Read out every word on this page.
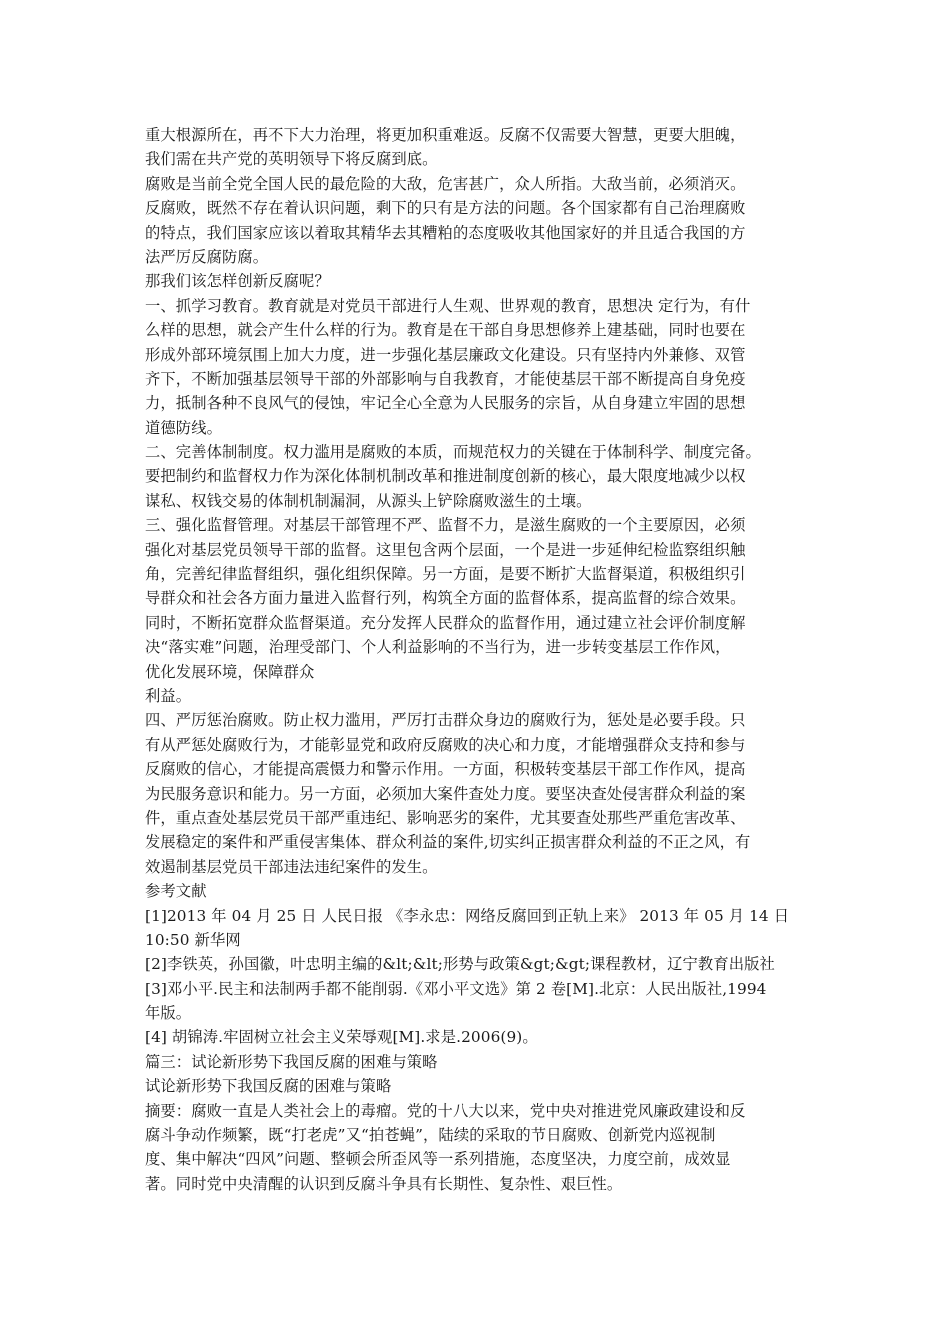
重大根源所在，再不下大力治理，将更加积重难返。反腐不仅需要大智慧，更要大胆魄，
我们需在共产党的英明领导下将反腐到底。
腐败是当前全党全国人民的最危险的大敌，危害甚广，众人所指。大敌当前，必须消灭。
反腐败，既然不存在着认识问题，剩下的只有是方法的问题。各个国家都有自己治理腐败
的特点，我们国家应该以着取其精华去其糟粕的态度吸收其他国家好的并且适合我国的方
法严厉反腐防腐。
那我们该怎样创新反腐呢？
一、抓学习教育。教育就是对党员干部进行人生观、世界观的教育，思想决 定行为，有什
么样的思想，就会产生什么样的行为。教育是在干部自身思想修养上建基础，同时也要在
形成外部环境氛围上加大力度，进一步强化基层廉政文化建设。只有坚持内外兼修、双管
齐下，不断加强基层领导干部的外部影响与自我教育，才能使基层干部不断提高自身免疫
力，抵制各种不良风气的侵蚀，牢记全心全意为人民服务的宗旨，从自身建立牢固的思想
道德防线。
二、完善体制制度。权力滥用是腐败的本质，而规范权力的关键在于体制科学、制度完备。
要把制约和监督权力作为深化体制机制改革和推进制度创新的核心，最大限度地减少以权
谋私、权钱交易的体制机制漏洞，从源头上铲除腐败滋生的土壤。
三、强化监督管理。对基层干部管理不严、监督不力，是滋生腐败的一个主要原因，必须
强化对基层党员领导干部的监督。这里包含两个层面，一个是进一步延伸纪检监察组织触
角，完善纪律监督组织，强化组织保障。另一方面，是要不断扩大监督渠道，积极组织引
导群众和社会各方面力量进入监督行列，构筑全方面的监督体系，提高监督的综合效果。
同时，不断拓宽群众监督渠道。充分发挥人民群众的监督作用，通过建立社会评价制度解
决“落实难”问题，治理受部门、个人利益影响的不当行为，进一步转变基层工作作风，
优化发展环境，保障群众
利益。
四、严厉惩治腐败。防止权力滥用，严厉打击群众身边的腐败行为，惩处是必要手段。只
有从严惩处腐败行为，才能彰显党和政府反腐败的决心和力度，才能增强群众支持和参与
反腐败的信心，才能提高震慑力和警示作用。一方面，积极转变基层干部工作作风，提高
为民服务意识和能力。另一方面，必须加大案件查处力度。要坚决查处侵害群众利益的案
件，重点查处基层党员干部严重违纪、影响恶劣的案件，尤其要查处那些严重危害改革、
发展稳定的案件和严重侵害集体、群众利益的案件,切实纠正损害群众利益的不正之风，有
效遏制基层党员干部违法违纪案件的发生。
参考文献
[1]2013 年 04 月 25 日 人民日报 《李永忠：网络反腐回到正轨上来》 2013 年 05 月 14 日
10:50 新华网
[2]李铁英，孙国徽，叶忠明主编的&lt;&lt;形势与政策&gt;&gt;课程教材，辽宁教育出版社
[3]邓小平.民主和法制两手都不能削弱.《邓小平文选》第 2 卷[M].北京：人民出版社,1994
年版。
[4] 胡锦涛.牢固树立社会主义荣辱观[M].求是.2006(9)。
篇三：试论新形势下我国反腐的困难与策略
试论新形势下我国反腐的困难与策略
摘要：腐败一直是人类社会上的毒瘤。党的十八大以来，党中央对推进党风廉政建设和反
腐斗争动作频繁，既“打老虎”又“拍苍蝇”，陆续的采取的节日腐败、创新党内巡视制
度、集中解决“四风”问题、整顿会所歪风等一系列措施，态度坚决，力度空前，成效显
著。同时党中央清醒的认识到反腐斗争具有长期性、复杂性、艰巨性。
